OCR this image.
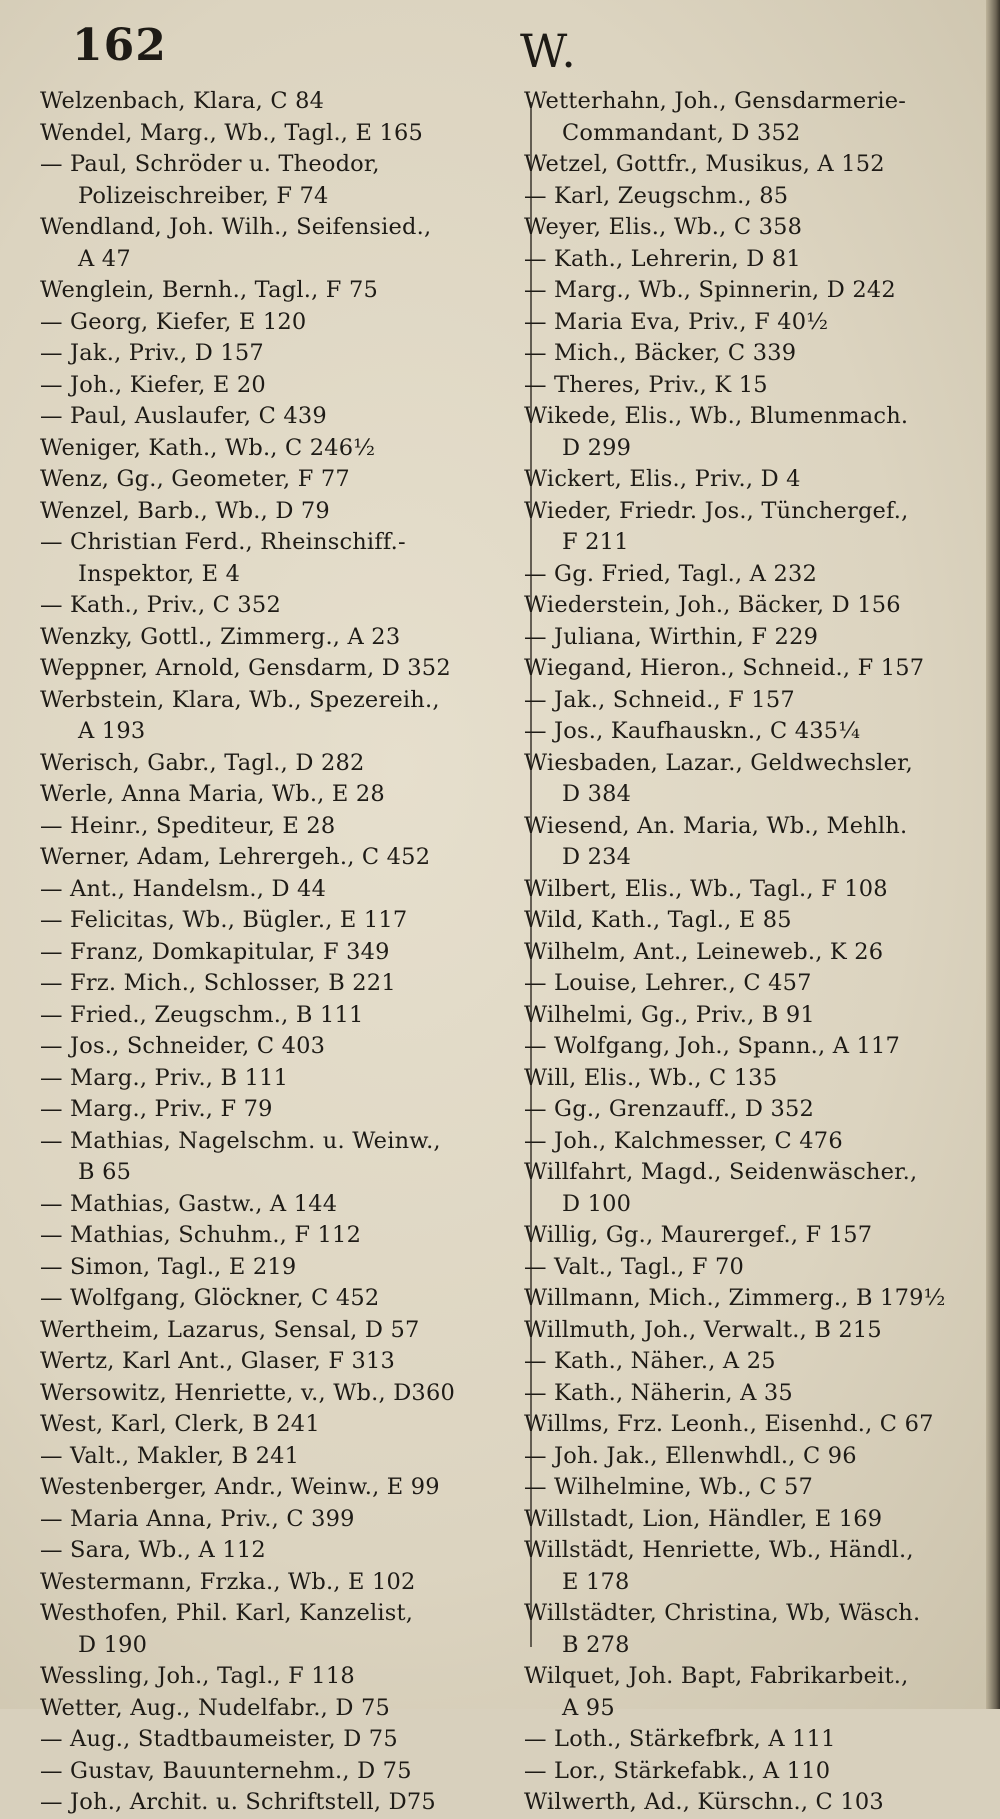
162	W.
Welzenbach, Klara, C 84
Wendel, Marg., Wb., Tagl., E 165
— Paul, Schröder u. Theodor,
Polizeischreiber, F 74
Wendland, Joh. Wilh., Seifensied.,
A 47
Wenglein, Bernh., Tagl., F 75
— Georg, Kiefer, E 120
— Jak., Priv., D 157
— Joh., Kiefer, E 20
— Paul, Auslaufer, C 439
Weniger, Kath., Wb., C 246½
Wenz, Gg., Geometer, F 77
Wenzel, Barb., Wb., D 79
— Christian Ferd., Rheinschiff.-
Inspektor, E 4
— Kath., Priv., C 352
Wenzky, Gottl., Zimmerg., A 23
Weppner, Arnold, Gensdarm, D 352
Werbstein, Klara, Wb., Spezereih.,
A 193
Werisch, Gabr., Tagl., D 282
Werle, Anna Maria, Wb., E 28
— Heinr., Spediteur, E 28
Werner, Adam, Lehrergeh., C 452
— Ant., Handelsm., D 44
— Felicitas, Wb., Bügler., E 117
— Franz, Domkapitular, F 349
— Frz. Mich., Schlosser, B 221
— Fried., Zeugschm., B 111
— Jos., Schneider, C 403
— Marg., Priv., B 111
— Marg., Priv., F 79
— Mathias, Nagelschm. u. Weinw.,
B 65
— Mathias, Gastw., A 144
— Mathias, Schuhm., F 112
— Simon, Tagl., E 219
— Wolfgang, Glöckner, C 452
Wertheim, Lazarus, Sensal, D 57
Wertz, Karl Ant., Glaser, F 313
Wersowitz, Henriette, v., Wb., D360
West, Karl, Clerk, B 241
— Valt., Makler, B 241
Westenberger, Andr., Weinw., E 99
— Maria Anna, Priv., C 399
— Sara, Wb., A 112
Westermann, Frzka., Wb., E 102
Westhofen, Phil. Karl, Kanzelist,
D 190
Wessling, Joh., Tagl., F 118
Wetter, Aug., Nudelfabr., D 75
— Aug., Stadtbaumeister, D 75
— Gustav, Bauunternehm., D 75
— Joh., Archit. u. Schriftstell, D75
Wetterhahn, Joh., Gensdarmerie-
Commandant, D 352
Wetzel, Gottfr., Musikus, A 152
— Karl, Zeugschm., 85
Weyer, Elis., Wb., C 358
— Kath., Lehrerin, D 81
— Marg., Wb., Spinnerin, D 242
— Maria Eva, Priv., F 40½
— Mich., Bäcker, C 339
— Theres, Priv., K 15
Wikede, Elis., Wb., Blumenmach.
D 299
Wickert, Elis., Priv., D 4
Wieder, Friedr. Jos., Tünchergef.,
F 211
— Gg. Fried, Tagl., A 232
Wiederstein, Joh., Bäcker, D 156
— Juliana, Wirthin, F 229
Wiegand, Hieron., Schneid., F 157
— Jak., Schneid., F 157
— Jos., Kaufhauskn., C 435¼
Wiesbaden, Lazar., Geldwechsler,
D 384
Wiesend, An. Maria, Wb., Mehlh.
D 234
Wilbert, Elis., Wb., Tagl., F 108
Wild, Kath., Tagl., E 85
Wilhelm, Ant., Leineweb., K 26
— Louise, Lehrer., C 457
Wilhelmi, Gg., Priv., B 91
— Wolfgang, Joh., Spann., A 117
Will, Elis., Wb., C 135
— Gg., Grenzauff., D 352
— Joh., Kalchmesser, C 476
Willfahrt, Magd., Seidenwäscher.,
D 100
Willig, Gg., Maurergef., F 157
— Valt., Tagl., F 70
Willmann, Mich., Zimmerg., B 179½
Willmuth, Joh., Verwalt., B 215
— Kath., Näher., A 25
— Kath., Näherin, A 35
Willms, Frz. Leonh., Eisenhd., C 67
— Joh. Jak., Ellenwhdl., C 96
— Wilhelmine, Wb., C 57
Willstadt, Lion, Händler, E 169
Willstädt, Henriette, Wb., Händl.,
E 178
Willstädter, Christina, Wb, Wäsch.
B 278
Wilquet, Joh. Bapt, Fabrikarbeit.,
A 95
— Loth., Stärkefbrk, A 111
— Lor., Stärkefabk., A 110
Wilwerth, Ad., Kürschn., C 103
